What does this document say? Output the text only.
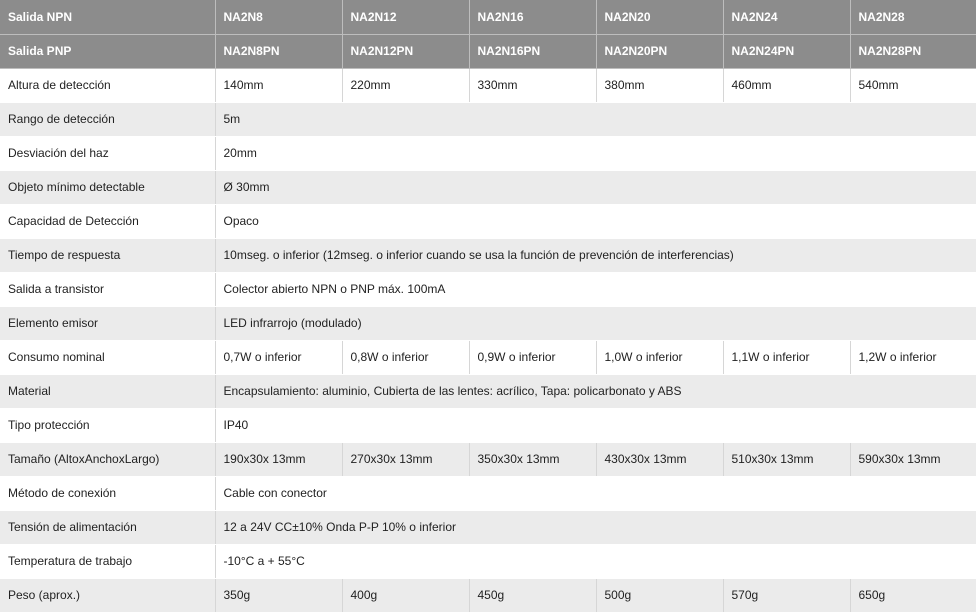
Salida NPN	NA2N8	NA2N12	NA2N16	NA2N20	NA2N24	NA2N28
Salida PNP	NA2N8PN	NA2N12PN	NA2N16PN	NA2N20PN	NA2N24PN	NA2N28PN
Altura de detección	140mm	220mm	330mm	380mm	460mm	540mm
Rango de detección	5m					
Desviación del haz	20mm					
Objeto mínimo detectable	Ø 30mm					
Capacidad de Detección	Opaco					
Tiempo de respuesta	10mseg. o inferior (12mseg. o inferior cuando se usa la función de prevención de interferencias)					
Salida a transistor	Colector abierto NPN o PNP máx. 100mA					
Elemento emisor	LED infrarrojo (modulado)					
Consumo nominal	0,7W o inferior	0,8W o inferior	0,9W o inferior	1,0W o inferior	1,1W o inferior	1,2W o inferior
Material	Encapsulamiento: aluminio, Cubierta de las lentes: acrílico, Tapa: policarbonato y ABS					
Tipo protección	IP40					
Tamaño (AltoxAnchoxLargo)	190x30x 13mm	270x30x 13mm	350x30x 13mm	430x30x 13mm	510x30x 13mm	590x30x 13mm
Método de conexión	Cable con conector					
Tensión de alimentación	12 a 24V CC±10% Onda P-P 10% o inferior					
Temperatura de trabajo	-10°C a + 55°C					
Peso (aprox.)	350g	400g	450g	500g	570g	650g
